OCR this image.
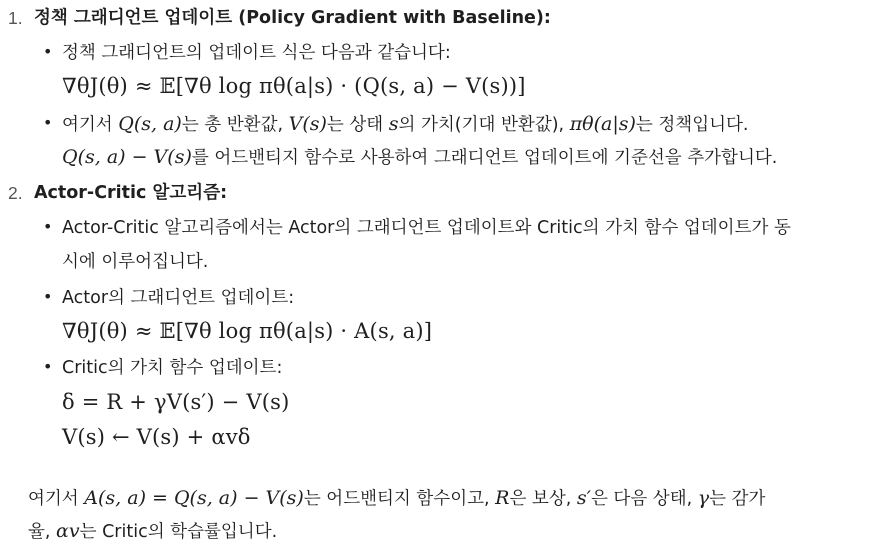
1. 정책 그래디언트 업데이트 (Policy Gradient with Baseline):
• 정책 그래디언트의 업데이트 식은 다음과 같습니다:
∇θJ(θ) ≈ 𝔼[∇θ log πθ(a|s) · (Q(s, a) − V(s))]
• 여기서 Q(s, a)는 총 반환값, V(s)는 상태 s의 가치(기대 반환값), πθ(a|s)는 정책입니다.
Q(s, a) − V(s)를 어드밴티지 함수로 사용하여 그래디언트 업데이트에 기준선을 추가합니다.
2. Actor-Critic 알고리즘:
• Actor-Critic 알고리즘에서는 Actor의 그래디언트 업데이트와 Critic의 가치 함수 업데이트가 동
시에 이루어집니다.
• Actor의 그래디언트 업데이트:
∇θJ(θ) ≈ 𝔼[∇θ log πθ(a|s) · A(s, a)]
• Critic의 가치 함수 업데이트:
δ = R + γV(s′) − V(s)
V(s) ← V(s) + αvδ
여기서 A(s, a) = Q(s, a) − V(s)는 어드밴티지 함수이고, R은 보상, s′은 다음 상태, γ는 감가
율, αv는 Critic의 학습률입니다.
